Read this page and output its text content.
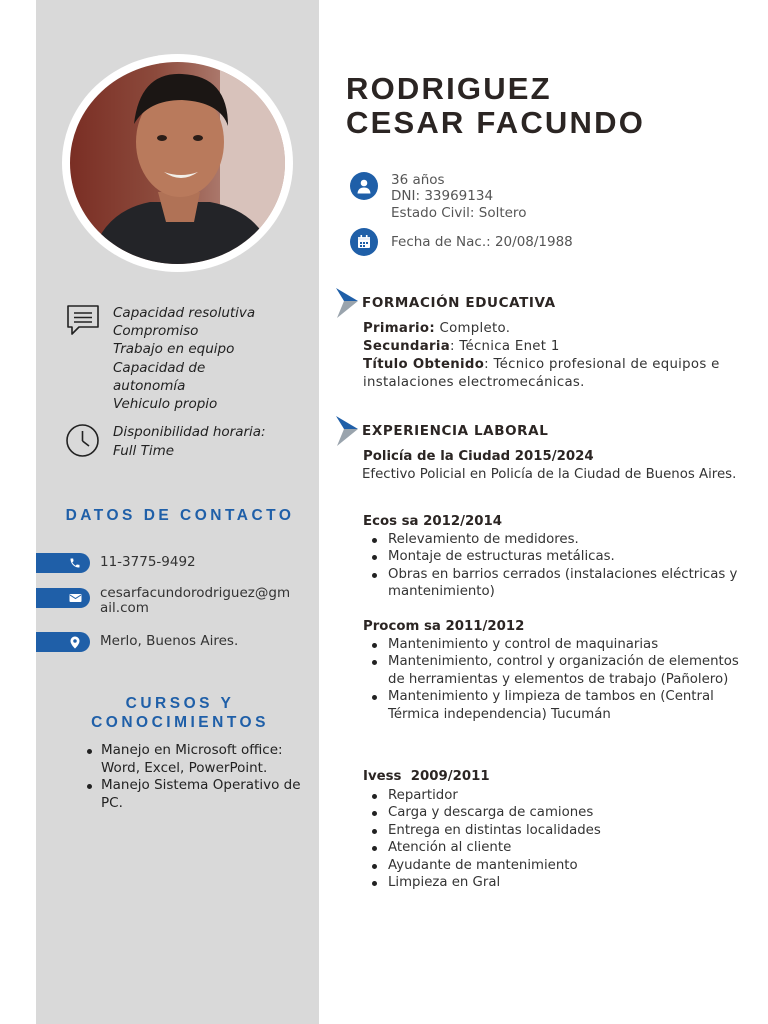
Capacidad resolutiva
Compromiso
Trabajo en equipo
Capacidad de autonomía
Vehiculo propio
Disponibilidad horaria:
Full Time
DATOS DE CONTACTO
11-3775-9492
cesarfacundorodriguez@gmail.com
Merlo, Buenos Aires.
CURSOS Y CONOCIMIENTOS
Manejo en Microsoft office: Word, Excel, PowerPoint.
Manejo Sistema Operativo de PC.
RODRIGUEZ
CESAR FACUNDO
36 años
DNI: 33969134
Estado Civil: Soltero
Fecha de Nac.: 20/08/1988
FORMACIÓN EDUCATIVA
Primario: Completo.
Secundaria: Técnica Enet 1
Título Obtenido: Técnico profesional de equipos e instalaciones electromecánicas.
EXPERIENCIA LABORAL
Policía de la Ciudad 2015/2024
Efectivo Policial en Policía de la Ciudad de Buenos Aires.
Ecos sa 2012/2014
Relevamiento de medidores.
Montaje de estructuras metálicas.
Obras en barrios cerrados (instalaciones eléctricas y mantenimiento)
Procom sa 2011/2012
Mantenimiento y control de maquinarias
Mantenimiento, control y organización de elementos de herramientas y elementos de trabajo (Pañolero)
Mantenimiento y limpieza de tambos en (Central Térmica independencia) Tucumán
Ivess  2009/2011
Repartidor
Carga y descarga de camiones
Entrega en distintas localidades
Atención al cliente
Ayudante de mantenimiento
Limpieza en Gral
